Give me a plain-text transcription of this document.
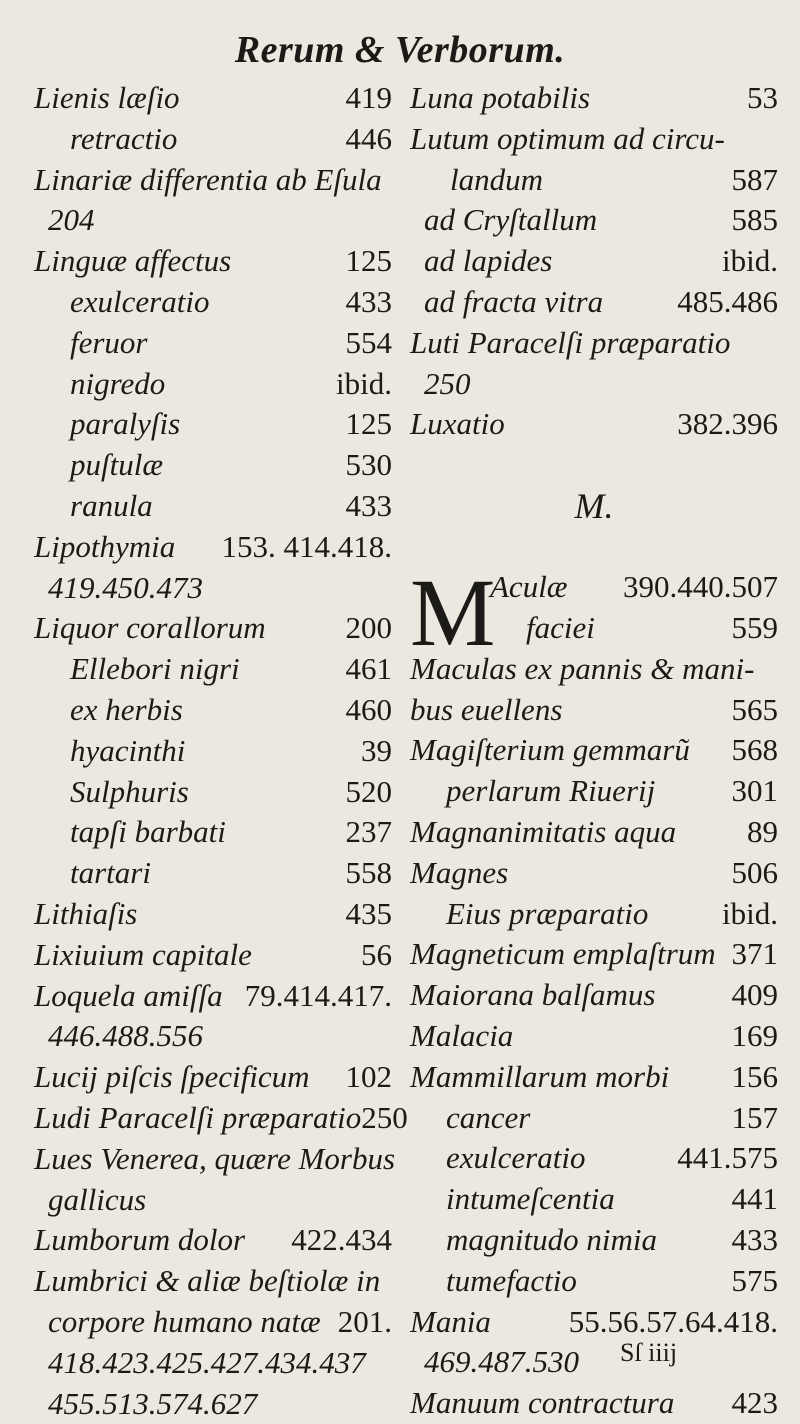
Rerum & Verborum.
Lienis læſio	419
retractio	446
Linariæ differentia ab Eſula
204
Linguæ affectus	125
exulceratio	433
feruor	554
nigredo	ibid.
paralyſis	125
puſtulæ	530
ranula	433
Lipothymia 153. 414.418.
419.450.473
Liquor corallorum	200
Ellebori nigri	461
ex herbis	460
hyacinthi	39
Sulphuris	520
tapſi barbati	237
tartari	558
Lithiaſis	435
Lixiuium capitale	56
Loquela amiſſa 79.414.417.
446.488.556
Lucij piſcis ſpecificum 102
Ludi Paracelſi præparatio 250
Lues Venerea, quære Morbus
gallicus
Lumborum dolor 422.434
Lumbrici & aliæ beſtiolæ in
corpore humano natæ 201.
418.423.425.427.434.437
455.513.574.627
Luna potabilis	53
Lutum optimum ad circu-
landum	587
ad Cryſtallum	585
ad lapides	ibid.
ad fracta vitra 485.486
Luti Paracelſi præparatio
250
Luxatio	382.396
M.
M
Aculæ 390.440.507
faciei	559
Maculas ex pannis & mani-
bus euellens	565
Magiſterium gemmarũ 568
perlarum Riuerij 301
Magnanimitatis aqua 89
Magnes	506
Eius præparatio ibid.
Magneticum emplaſtrum 371
Maiorana balſamus 409
Malacia	169
Mammillarum morbi 156
cancer	157
exulceratio	441.575
intumeſcentia	441
magnitudo nimia 433
tumefactio	575
Mania	55.56.57.64.418.
469.487.530
Manuum contractura 423
Sſ iiij
